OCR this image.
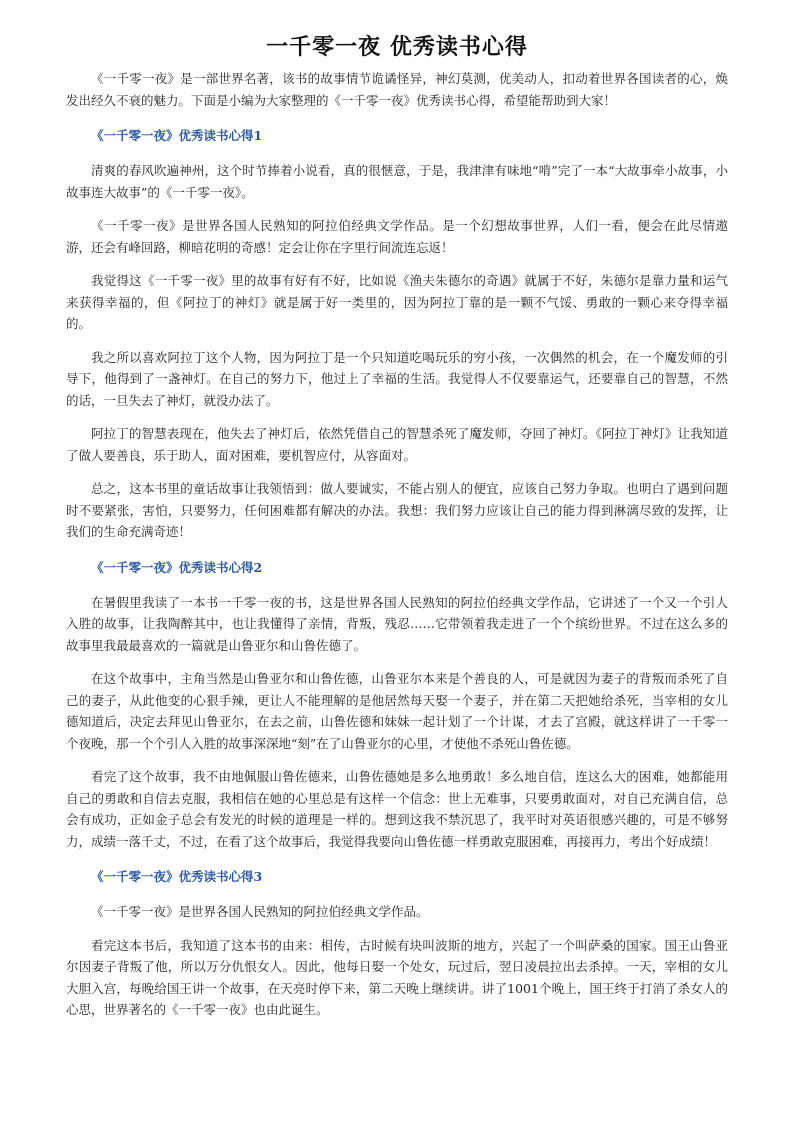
一千零一夜 优秀读书心得

《一千零一夜》是一部世界名著，该书的故事情节诡谲怪异，神幻莫测，优美动人，扣动着世界各国读者的心，焕发出经久不衰的魅力。下面是小编为大家整理的《一千零一夜》优秀读书心得，希望能帮助到大家！

《一千零一夜》优秀读书心得1

清爽的春风吹遍神州，这个时节捧着小说看，真的很惬意，于是，我津津有味地“啃”完了一本“大故事牵小故事，小故事连大故事”的《一千零一夜》。

《一千零一夜》是世界各国人民熟知的阿拉伯经典文学作品。是一个幻想故事世界，人们一看，便会在此尽情遨游，还会有峰回路，柳暗花明的奇感！定会让你在字里行间流连忘返！

我觉得这《一千零一夜》里的故事有好有不好，比如说《渔夫朱德尔的奇遇》就属于不好，朱德尔是靠力量和运气来获得幸福的，但《阿拉丁的神灯》就是属于好一类里的，因为阿拉丁靠的是一颗不气馁、勇敢的一颗心来夺得幸福的。

我之所以喜欢阿拉丁这个人物，因为阿拉丁是一个只知道吃喝玩乐的穷小孩，一次偶然的机会，在一个魔发师的引导下，他得到了一盏神灯。在自己的努力下，他过上了幸福的生活。我觉得人不仅要靠运气，还要靠自己的智慧，不然的话，一旦失去了神灯，就没办法了。

阿拉丁的智慧表现在，他失去了神灯后，依然凭借自己的智慧杀死了魔发师，夺回了神灯。《阿拉丁神灯》让我知道了做人要善良，乐于助人，面对困难，要机智应付，从容面对。

总之，这本书里的童话故事让我领悟到：做人要诚实，不能占别人的便宜，应该自己努力争取。也明白了遇到问题时不要紧张，害怕，只要努力，任何困难都有解决的办法。我想：我们努力应该让自己的能力得到淋漓尽致的发挥，让我们的生命充满奇迹！

《一千零一夜》优秀读书心得2

在暑假里我读了一本书一千零一夜的书，这是世界各国人民熟知的阿拉伯经典文学作品，它讲述了一个又一个引人入胜的故事，让我陶醉其中，也让我懂得了亲情，背叛，残忍……它带领着我走进了一个个缤纷世界。不过在这么多的故事里我最最喜欢的一篇就是山鲁亚尔和山鲁佐德了。

在这个故事中，主角当然是山鲁亚尔和山鲁佐德，山鲁亚尔本来是个善良的人，可是就因为妻子的背叛而杀死了自己的妻子，从此他变的心狠手辣，更让人不能理解的是他居然每天娶一个妻子，并在第二天把她给杀死，当宰相的女儿德知道后，决定去拜见山鲁亚尔，在去之前，山鲁佐德和妹妹一起计划了一个计谋，才去了宫殿，就这样讲了一千零一个夜晚，那一个个引人入胜的故事深深地“刻”在了山鲁亚尔的心里，才使他不杀死山鲁佐德。

看完了这个故事，我不由地佩服山鲁佐德来，山鲁佐德她是多么地勇敢！多么地自信，连这么大的困难，她都能用自己的勇敢和自信去克服，我相信在她的心里总是有这样一个信念：世上无难事，只要勇敢面对，对自己充满自信，总会有成功，正如金子总会有发光的时候的道理是一样的。想到这我不禁沉思了，我平时对英语很感兴趣的，可是不够努力，成绩一落千丈，不过，在看了这个故事后，我觉得我要向山鲁佐德一样勇敢克服困难，再接再力，考出个好成绩！

《一千零一夜》优秀读书心得3

《一千零一夜》是世界各国人民熟知的阿拉伯经典文学作品。

看完这本书后，我知道了这本书的由来：相传，古时候有块叫波斯的地方，兴起了一个叫萨桑的国家。国王山鲁亚尔因妻子背叛了他，所以万分仇恨女人。因此，他每日娶一个处女，玩过后，翌日凌晨拉出去杀掉。一天，宰相的女儿大胆入宫，每晚给国王讲一个故事，在天亮时停下来，第二天晚上继续讲。讲了1001个晚上，国王终于打消了杀女人的心思，世界著名的《一千零一夜》也由此诞生。
